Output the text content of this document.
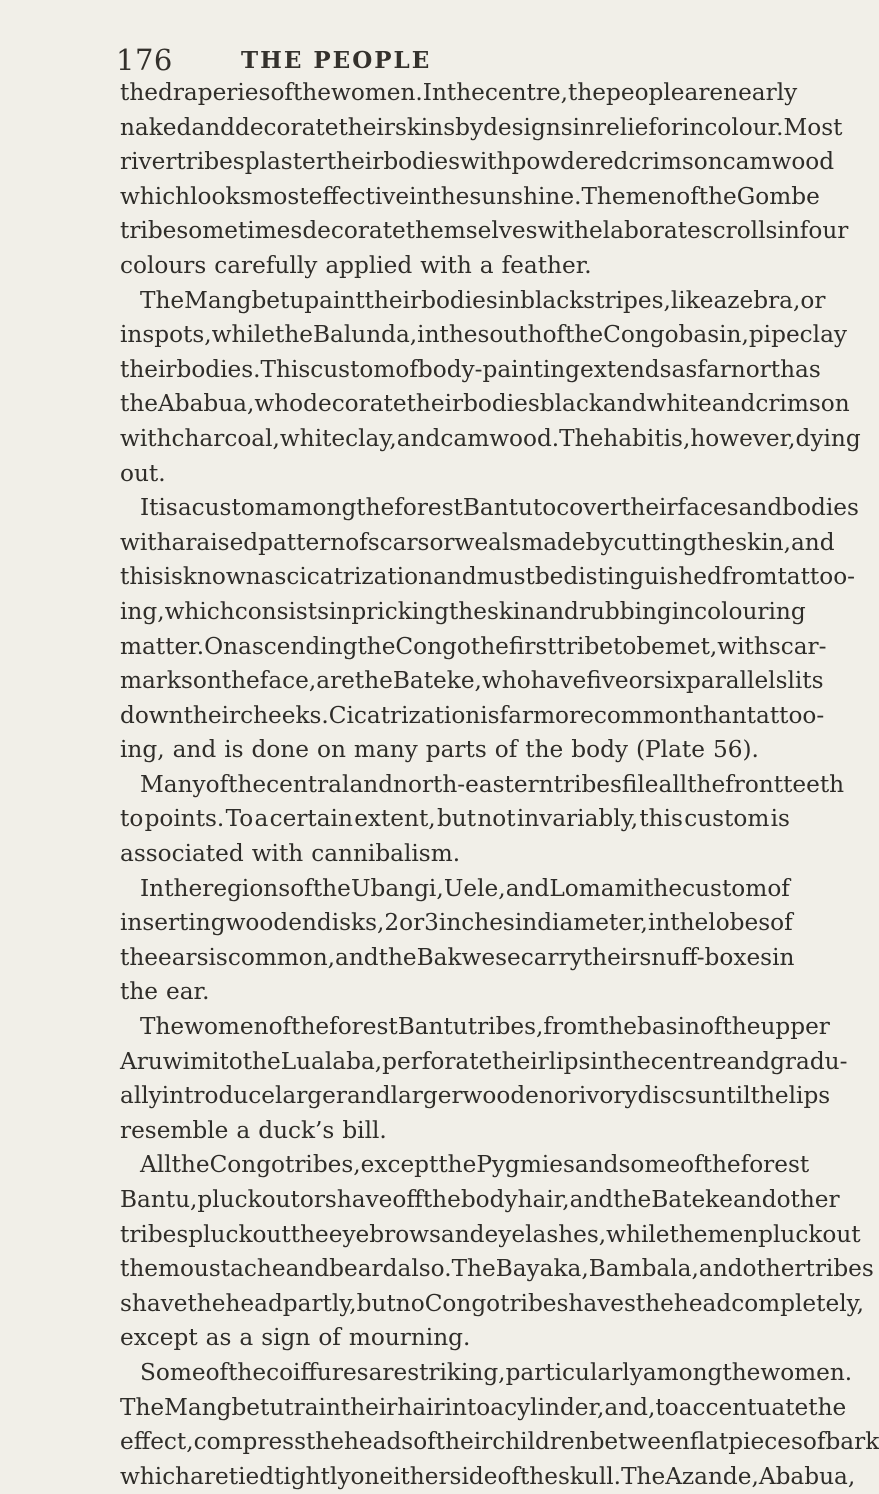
176	THE PEOPLE
the draperies of the women. In the centre, the people are nearly
naked and decorate their skins by designs in relief or in colour. Most
river tribes plaster their bodies with powdered crimson camwood
which looks most effective in the sunshine. The men of the Gombe
tribe sometimes decorate themselves with elaborate scrolls in four
colours carefully applied with a feather.
The Mangbetu paint their bodies in black stripes, like a zebra, or
in spots, while the Balunda, in the south of the Congo basin, pipeclay
their bodies. This custom of body-painting extends as far north as
the Ababua, who decorate their bodies black and white and crimson
with charcoal, white clay, and camwood. The habit is, however, dying
out.
It is a custom among the forest Bantu to cover their faces and bodies
with a raised pattern of scars or weals made by cutting the skin, and
this is known as cicatrization and must be distinguished from tattoo-
ing, which consists in pricking the skin and rubbing in colouring
matter. On ascending the Congo the first tribe to be met, with scar-
marks on the face, are the Bateke, who have five or six parallel slits
down their cheeks. Cicatrization is far more common than tattoo-
ing, and is done on many parts of the body (Plate 56).
Many of the central and north-eastern tribes file all the front teeth
to points. To a certain extent, but not invariably, this custom is
associated with cannibalism.
In the regions of the Ubangi, Uele, and Lomami the custom of
inserting wooden disks, 2 or 3 inches in diameter, in the lobes of
the ears is common, and the Bakwese carry their snuff-boxes in
the ear.
The women of the forest Bantu tribes, from the basin of the upper
Aruwimi to the Lualaba, perforate their lips in the centre and gradu-
ally introduce larger and larger wooden or ivory discs until the lips
resemble a duck’s bill.
All the Congo tribes, except the Pygmies and some of the forest
Bantu, pluck out or shave off the body hair, and the Bateke and other
tribes pluck out the eyebrows and eyelashes, while the men pluck out
the moustache and beard also. The Bayaka, Bambala, and other tribes
shave the head partly, but no Congo tribe shaves the head completely,
except as a sign of mourning.
Some of the coiffures are striking, particularly among the women.
The Mangbetu train their hair into a cylinder, and, to accentuate the
effect, compress the heads of their children between flat pieces of bark
which are tied tightly on either side of the skull. The Azande, Ababua,
